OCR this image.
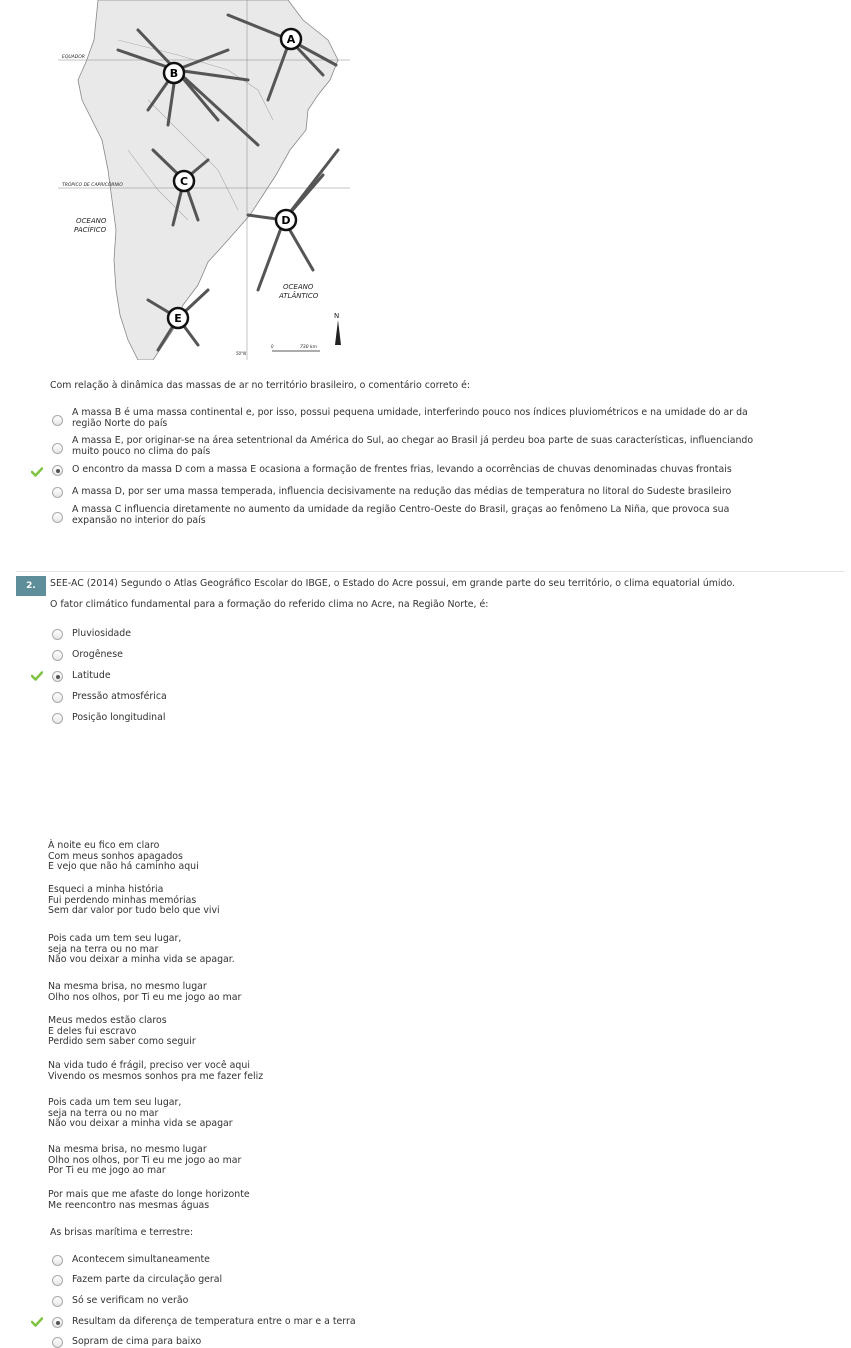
A
B
C
D
E
EQUADOR
TRÓPICO DE CAPRICÓRNIO
OCEANO
PACÍFICO
OCEANO
ATLÂNTICO
50°N
0	730 km
N
Com relação à dinâmica das massas de ar no território brasileiro, o comentário correto é:
A massa B é uma massa continental e, por isso, possui pequena umidade, interferindo pouco nos índices pluviométricos e na umidade do ar da
região Norte do país
A massa E, por originar-se na área setentrional da América do Sul, ao chegar ao Brasil já perdeu boa parte de suas características, influenciando
muito pouco no clima do país
O encontro da massa D com a massa E ocasiona a formação de frentes frias, levando a ocorrências de chuvas denominadas chuvas frontais
A massa D, por ser uma massa temperada, influencia decisivamente na redução das médias de temperatura no litoral do Sudeste brasileiro
A massa C influencia diretamente no aumento da umidade da região Centro-Oeste do Brasil, graças ao fenômeno La Niña, que provoca sua
expansão no interior do país
2.	SEE-AC (2014) Segundo o Atlas Geográfico Escolar do IBGE, o Estado do Acre possui, em grande parte do seu território, o clima equatorial úmido.
O fator climático fundamental para a formação do referido clima no Acre, na Região Norte, é:
Pluviosidade
Orogênese
Latitude
Pressão atmosférica
Posição longitudinal
À noite eu fico em claro
Com meus sonhos apagados
E vejo que não há caminho aqui
Esqueci a minha história
Fui perdendo minhas memórias
Sem dar valor por tudo belo que vivi
Pois cada um tem seu lugar,
seja na terra ou no mar
Não vou deixar a minha vida se apagar.
Na mesma brisa, no mesmo lugar
Olho nos olhos, por Ti eu me jogo ao mar
Meus medos estão claros
E deles fui escravo
Perdido sem saber como seguir
Na vida tudo é frágil, preciso ver você aqui
Vivendo os mesmos sonhos pra me fazer feliz
Pois cada um tem seu lugar,
seja na terra ou no mar
Não vou deixar a minha vida se apagar
Na mesma brisa, no mesmo lugar
Olho nos olhos, por Ti eu me jogo ao mar
Por Ti eu me jogo ao mar
Por mais que me afaste do longe horizonte
Me reencontro nas mesmas águas
As brisas marítima e terrestre:
Acontecem simultaneamente
Fazem parte da circulação geral
Só se verificam no verão
Resultam da diferença de temperatura entre o mar e a terra
Sopram de cima para baixo
